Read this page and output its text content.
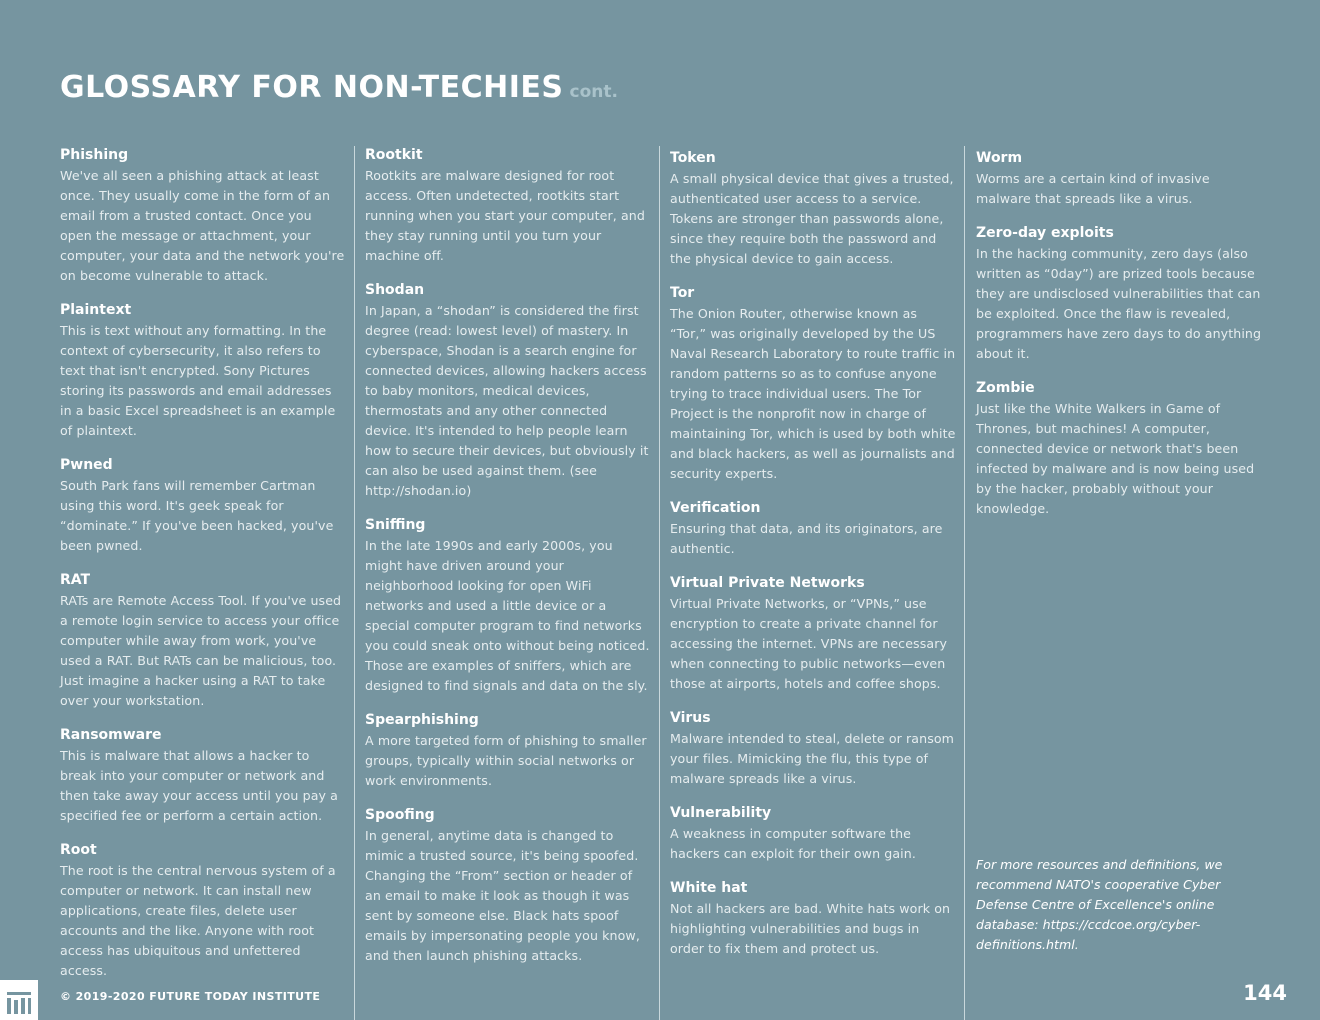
GLOSSARY FOR NON-TECHIES cont.
Phishing

We've all seen a phishing attack at least once. They usually come in the form of an email from a trusted contact. Once you open the message or attachment, your computer, your data and the network you're on become vulnerable to attack.

Plaintext

This is text without any formatting. In the context of cybersecurity, it also refers to text that isn't encrypted. Sony Pictures storing its passwords and email addresses in a basic Excel spreadsheet is an example of plaintext.

Pwned

South Park fans will remember Cartman using this word. It's geek speak for “dominate.” If you've been hacked, you've been pwned.

RAT

RATs are Remote Access Tool. If you've used a remote login service to access your office computer while away from work, you've used a RAT. But RATs can be malicious, too. Just imagine a hacker using a RAT to take over your workstation.

Ransomware

This is malware that allows a hacker to break into your computer or network and then take away your access until you pay a specified fee or perform a certain action.

Root

The root is the central nervous system of a computer or network. It can install new applications, create files, delete user accounts and the like. Anyone with root access has ubiquitous and unfettered access.

Rootkit

Rootkits are malware designed for root access. Often undetected, rootkits start running when you start your computer, and they stay running until you turn your machine off.

Shodan

In Japan, a “shodan” is considered the first degree (read: lowest level) of mastery. In cyberspace, Shodan is a search engine for connected devices, allowing hackers access to baby monitors, medical devices, thermostats and any other connected device. It's intended to help people learn how to secure their devices, but obviously it can also be used against them. (see http://shodan.io)

Sniffing

In the late 1990s and early 2000s, you might have driven around your neighborhood looking for open WiFi networks and used a little device or a special computer program to find networks you could sneak onto without being noticed. Those are examples of sniffers, which are designed to find signals and data on the sly.

Spearphishing

A more targeted form of phishing to smaller groups, typically within social networks or work environments.

Spoofing

In general, anytime data is changed to mimic a trusted source, it's being spoofed. Changing the “From” section or header of an email to make it look as though it was sent by someone else. Black hats spoof emails by impersonating people you know, and then launch phishing attacks.

Token

A small physical device that gives a trusted, authenticated user access to a service. Tokens are stronger than passwords alone, since they require both the password and the physical device to gain access.

Tor

The Onion Router, otherwise known as “Tor,” was originally developed by the US Naval Research Laboratory to route traffic in random patterns so as to confuse anyone trying to trace individual users. The Tor Project is the nonprofit now in charge of maintaining Tor, which is used by both white and black hackers, as well as journalists and security experts.

Verification

Ensuring that data, and its originators, are authentic.

Virtual Private Networks

Virtual Private Networks, or “VPNs,” use encryption to create a private channel for accessing the internet. VPNs are necessary when connecting to public networks—even those at airports, hotels and coffee shops.

Virus

Malware intended to steal, delete or ransom your files. Mimicking the flu, this type of malware spreads like a virus.

Vulnerability

A weakness in computer software the hackers can exploit for their own gain.

White hat

Not all hackers are bad. White hats work on highlighting vulnerabilities and bugs in order to fix them and protect us.

Worm

Worms are a certain kind of invasive malware that spreads like a virus.

Zero-day exploits

In the hacking community, zero days (also written as “0day”) are prized tools because they are undisclosed vulnerabilities that can be exploited. Once the flaw is revealed, programmers have zero days to do anything about it.

Zombie

Just like the White Walkers in Game of Thrones, but machines! A computer, connected device or network that's been infected by malware and is now being used by the hacker, probably without your knowledge.

For more resources and definitions, we recommend NATO's cooperative Cyber Defense Centre of Excellence's online database: https://ccdcoe.org/cyber-definitions.html.
© 2019-2020 FUTURE TODAY INSTITUTE	144
